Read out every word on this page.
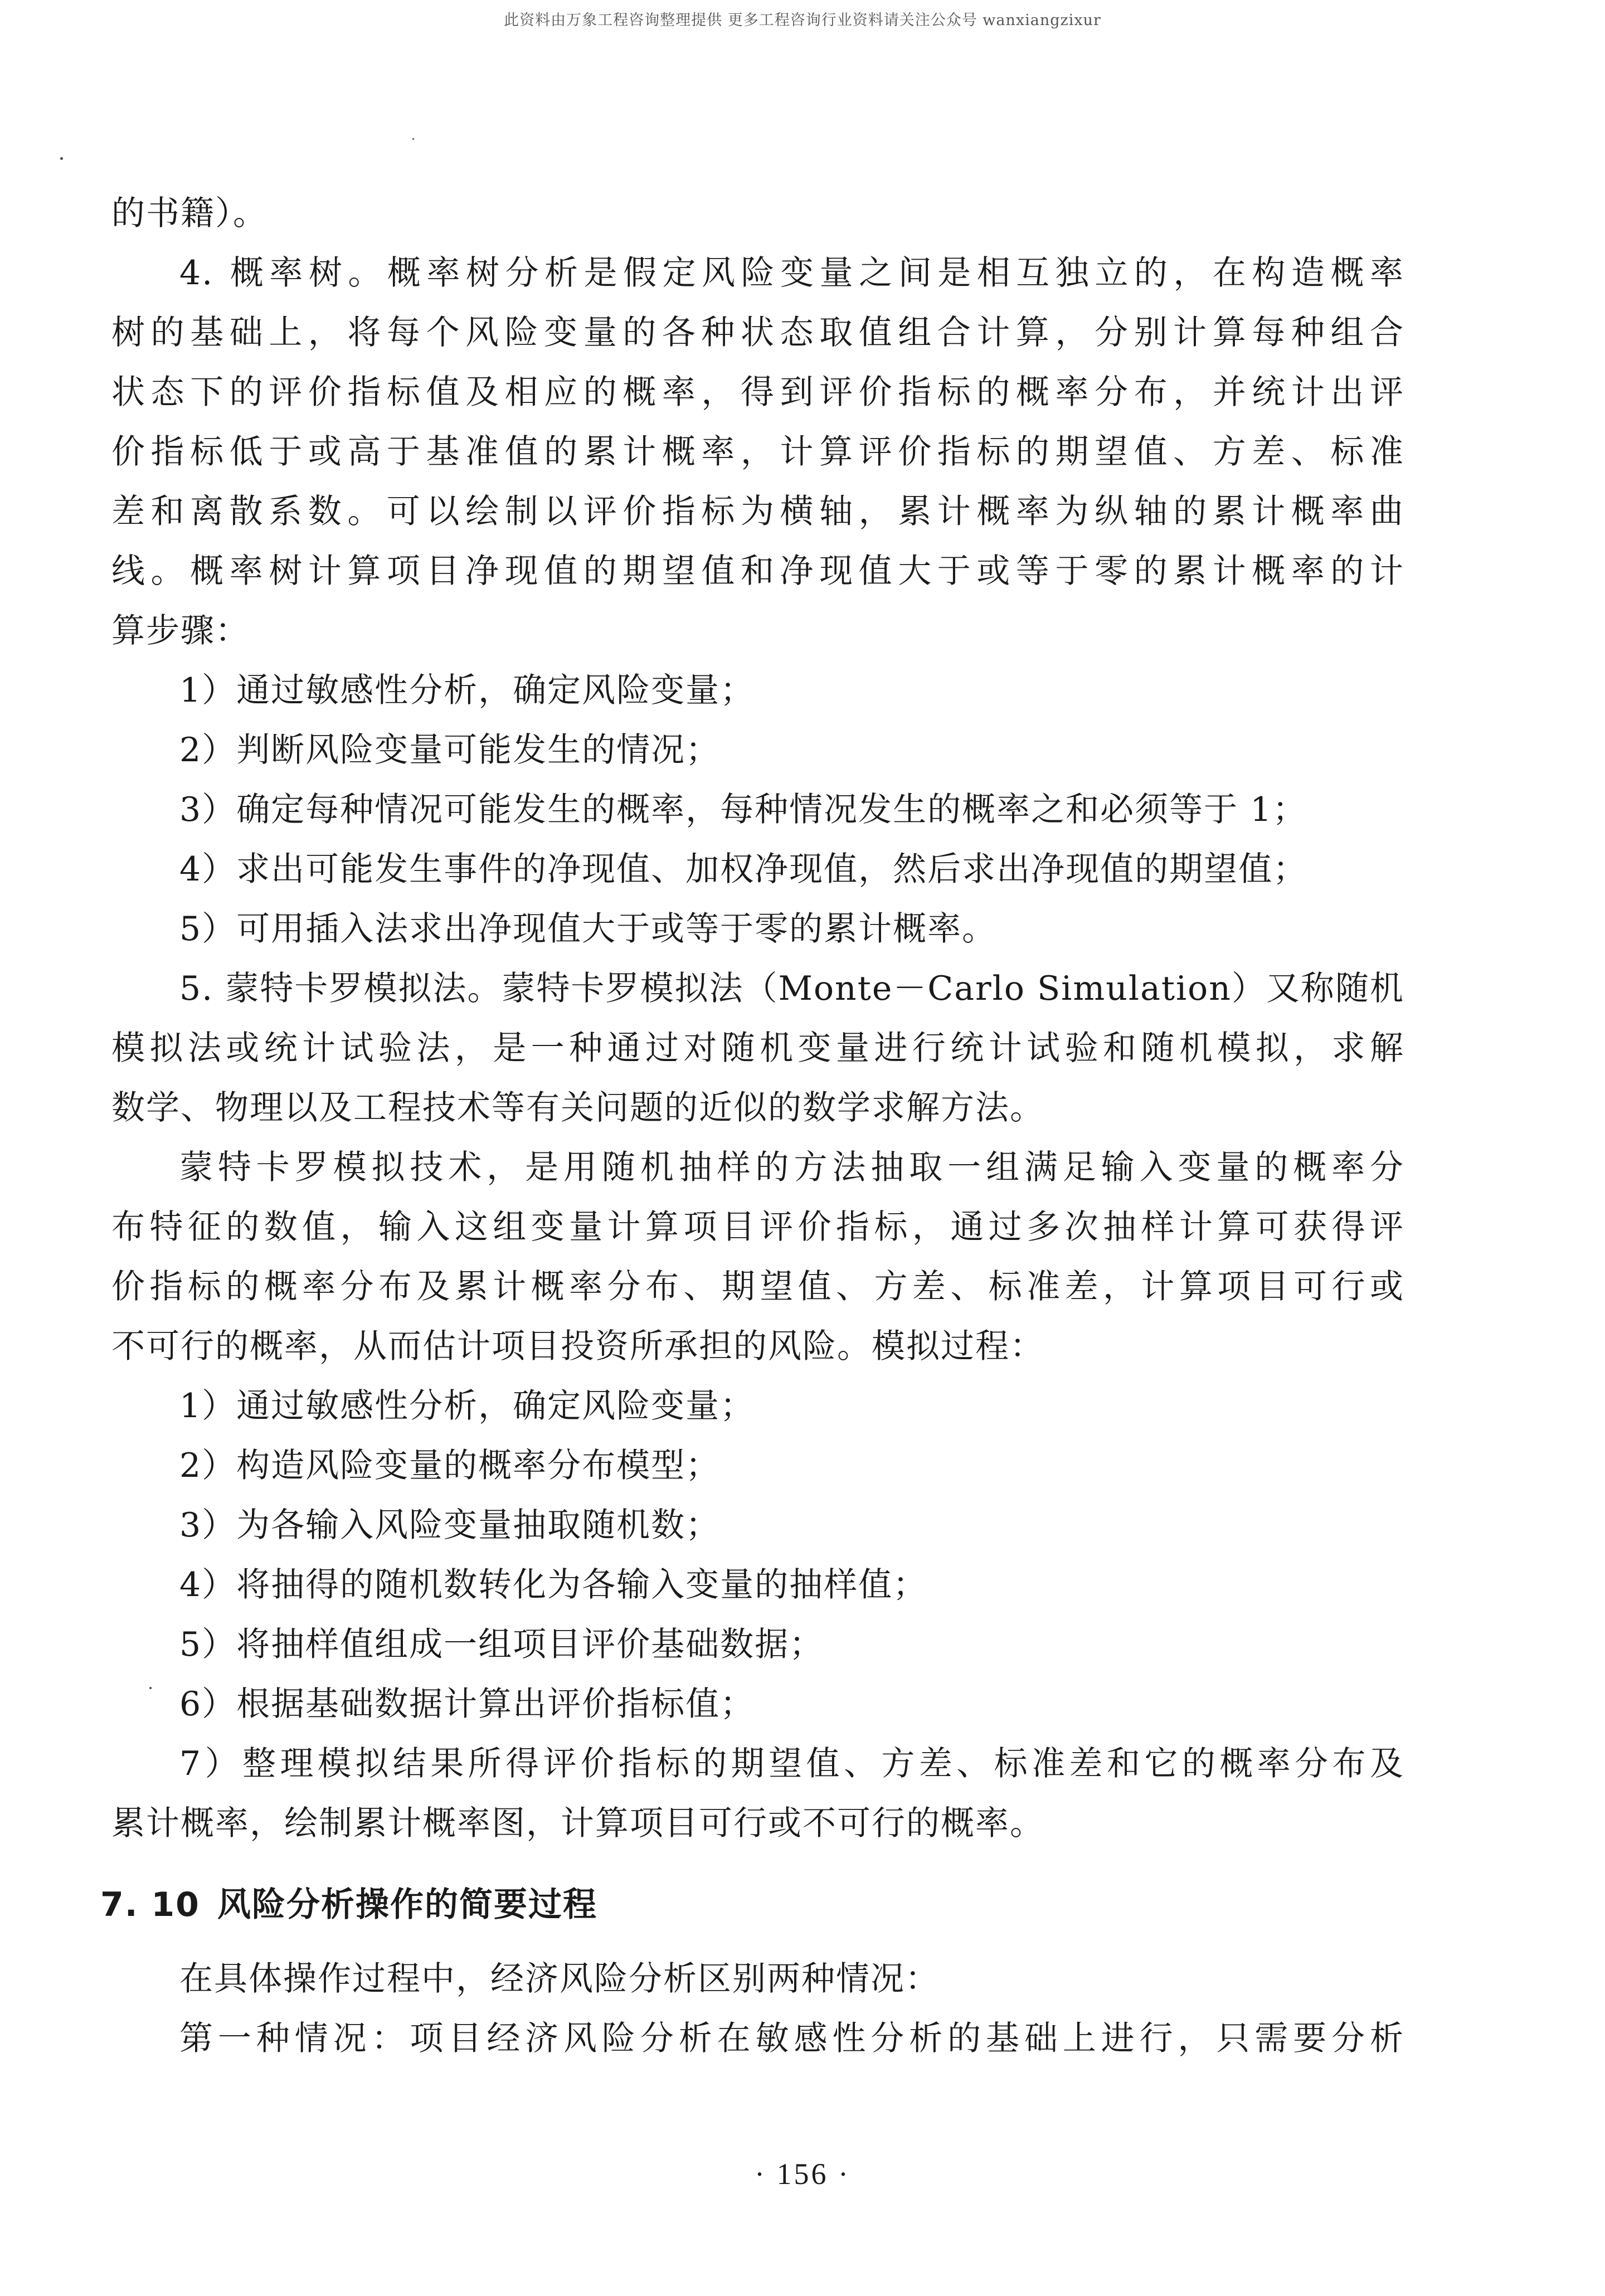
此资料由万象工程咨询整理提供 更多工程咨询行业资料请关注公众号 wanxiangzixur
的书籍）。
4. 概率树。概率树分析是假定风险变量之间是相互独立的，在构造概率
树的基础上，将每个风险变量的各种状态取值组合计算，分别计算每种组合
状态下的评价指标值及相应的概率，得到评价指标的概率分布，并统计出评
价指标低于或高于基准值的累计概率，计算评价指标的期望值、方差、标准
差和离散系数。可以绘制以评价指标为横轴，累计概率为纵轴的累计概率曲
线。概率树计算项目净现值的期望值和净现值大于或等于零的累计概率的计
算步骤：
1）通过敏感性分析，确定风险变量；
2）判断风险变量可能发生的情况；
3）确定每种情况可能发生的概率，每种情况发生的概率之和必须等于 1；
4）求出可能发生事件的净现值、加权净现值，然后求出净现值的期望值；
5）可用插入法求出净现值大于或等于零的累计概率。
5. 蒙特卡罗模拟法。蒙特卡罗模拟法（Monte－Carlo Simulation）又称随机
模拟法或统计试验法，是一种通过对随机变量进行统计试验和随机模拟，求解
数学、物理以及工程技术等有关问题的近似的数学求解方法。
蒙特卡罗模拟技术，是用随机抽样的方法抽取一组满足输入变量的概率分
布特征的数值，输入这组变量计算项目评价指标，通过多次抽样计算可获得评
价指标的概率分布及累计概率分布、期望值、方差、标准差，计算项目可行或
不可行的概率，从而估计项目投资所承担的风险。模拟过程：
1）通过敏感性分析，确定风险变量；
2）构造风险变量的概率分布模型；
3）为各输入风险变量抽取随机数；
4）将抽得的随机数转化为各输入变量的抽样值；
5）将抽样值组成一组项目评价基础数据；
6）根据基础数据计算出评价指标值；
7）整理模拟结果所得评价指标的期望值、方差、标准差和它的概率分布及
累计概率，绘制累计概率图，计算项目可行或不可行的概率。
7. 10 风险分析操作的简要过程
在具体操作过程中，经济风险分析区别两种情况：
第一种情况：项目经济风险分析在敏感性分析的基础上进行，只需要分析
· 156 ·
